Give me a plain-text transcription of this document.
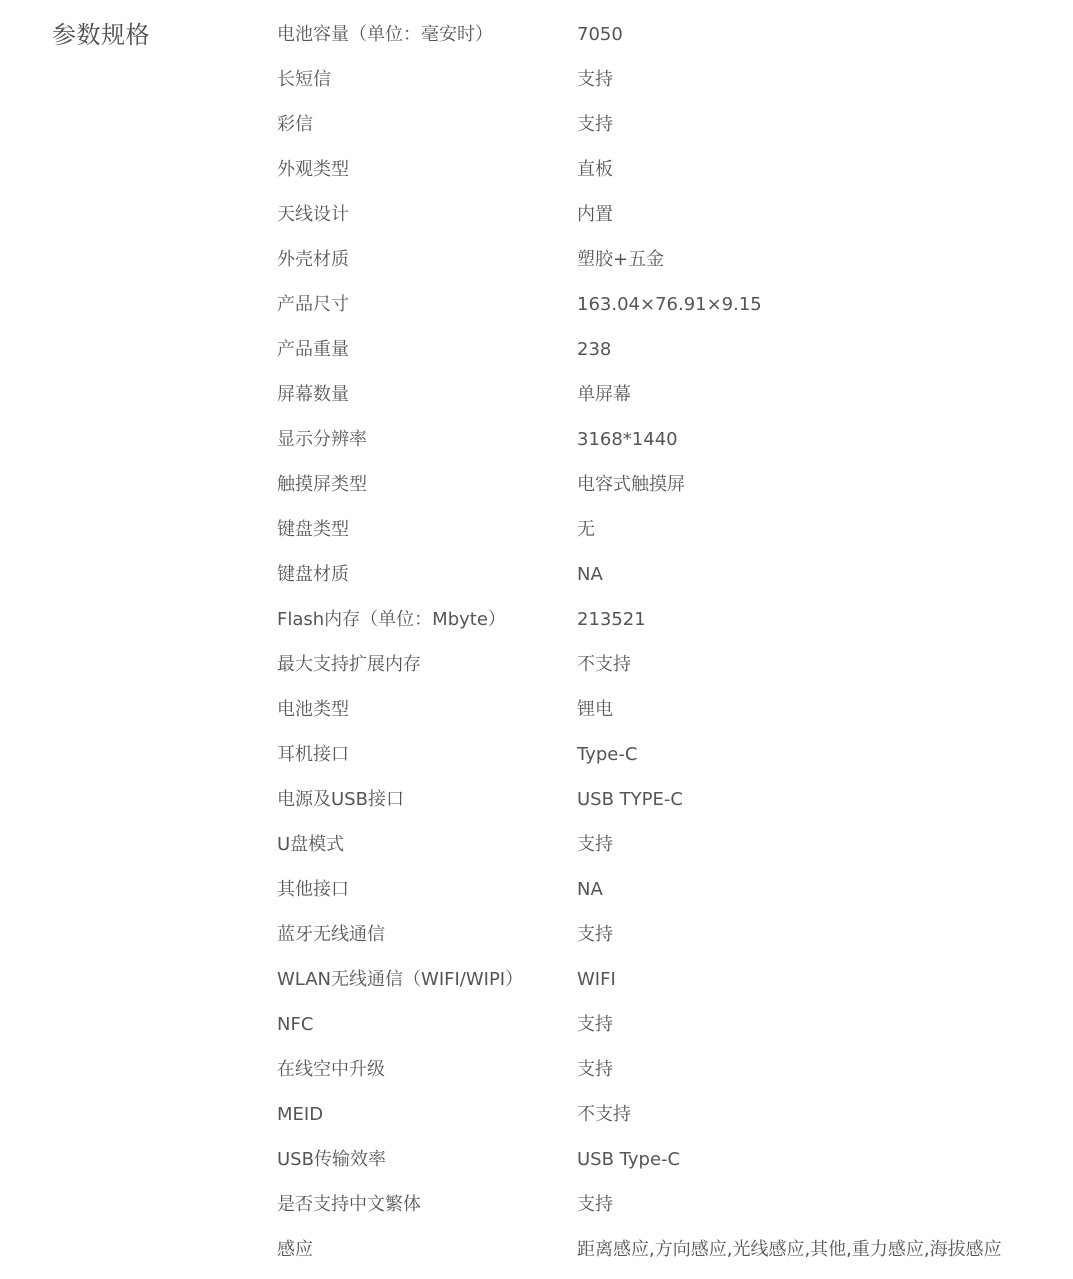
参数规格	电池容量（单位：毫安时）	7050
长短信	支持
彩信	支持
外观类型	直板
天线设计	内置
外壳材质	塑胶+五金
产品尺寸	163.04×76.91×9.15
产品重量	238
屏幕数量	单屏幕
显示分辨率	3168*1440
触摸屏类型	电容式触摸屏
键盘类型	无
键盘材质	NA
Flash内存（单位：Mbyte）	213521
最大支持扩展内存	不支持
电池类型	锂电
耳机接口	Type-C
电源及USB接口	USB TYPE-C
U盘模式	支持
其他接口	NA
蓝牙无线通信	支持
WLAN无线通信（WIFI/WIPI）	WIFI
NFC	支持
在线空中升级	支持
MEID	不支持
USB传输效率	USB Type-C
是否支持中文繁体	支持
感应	距离感应,方向感应,光线感应,其他,重力感应,海拔感应
